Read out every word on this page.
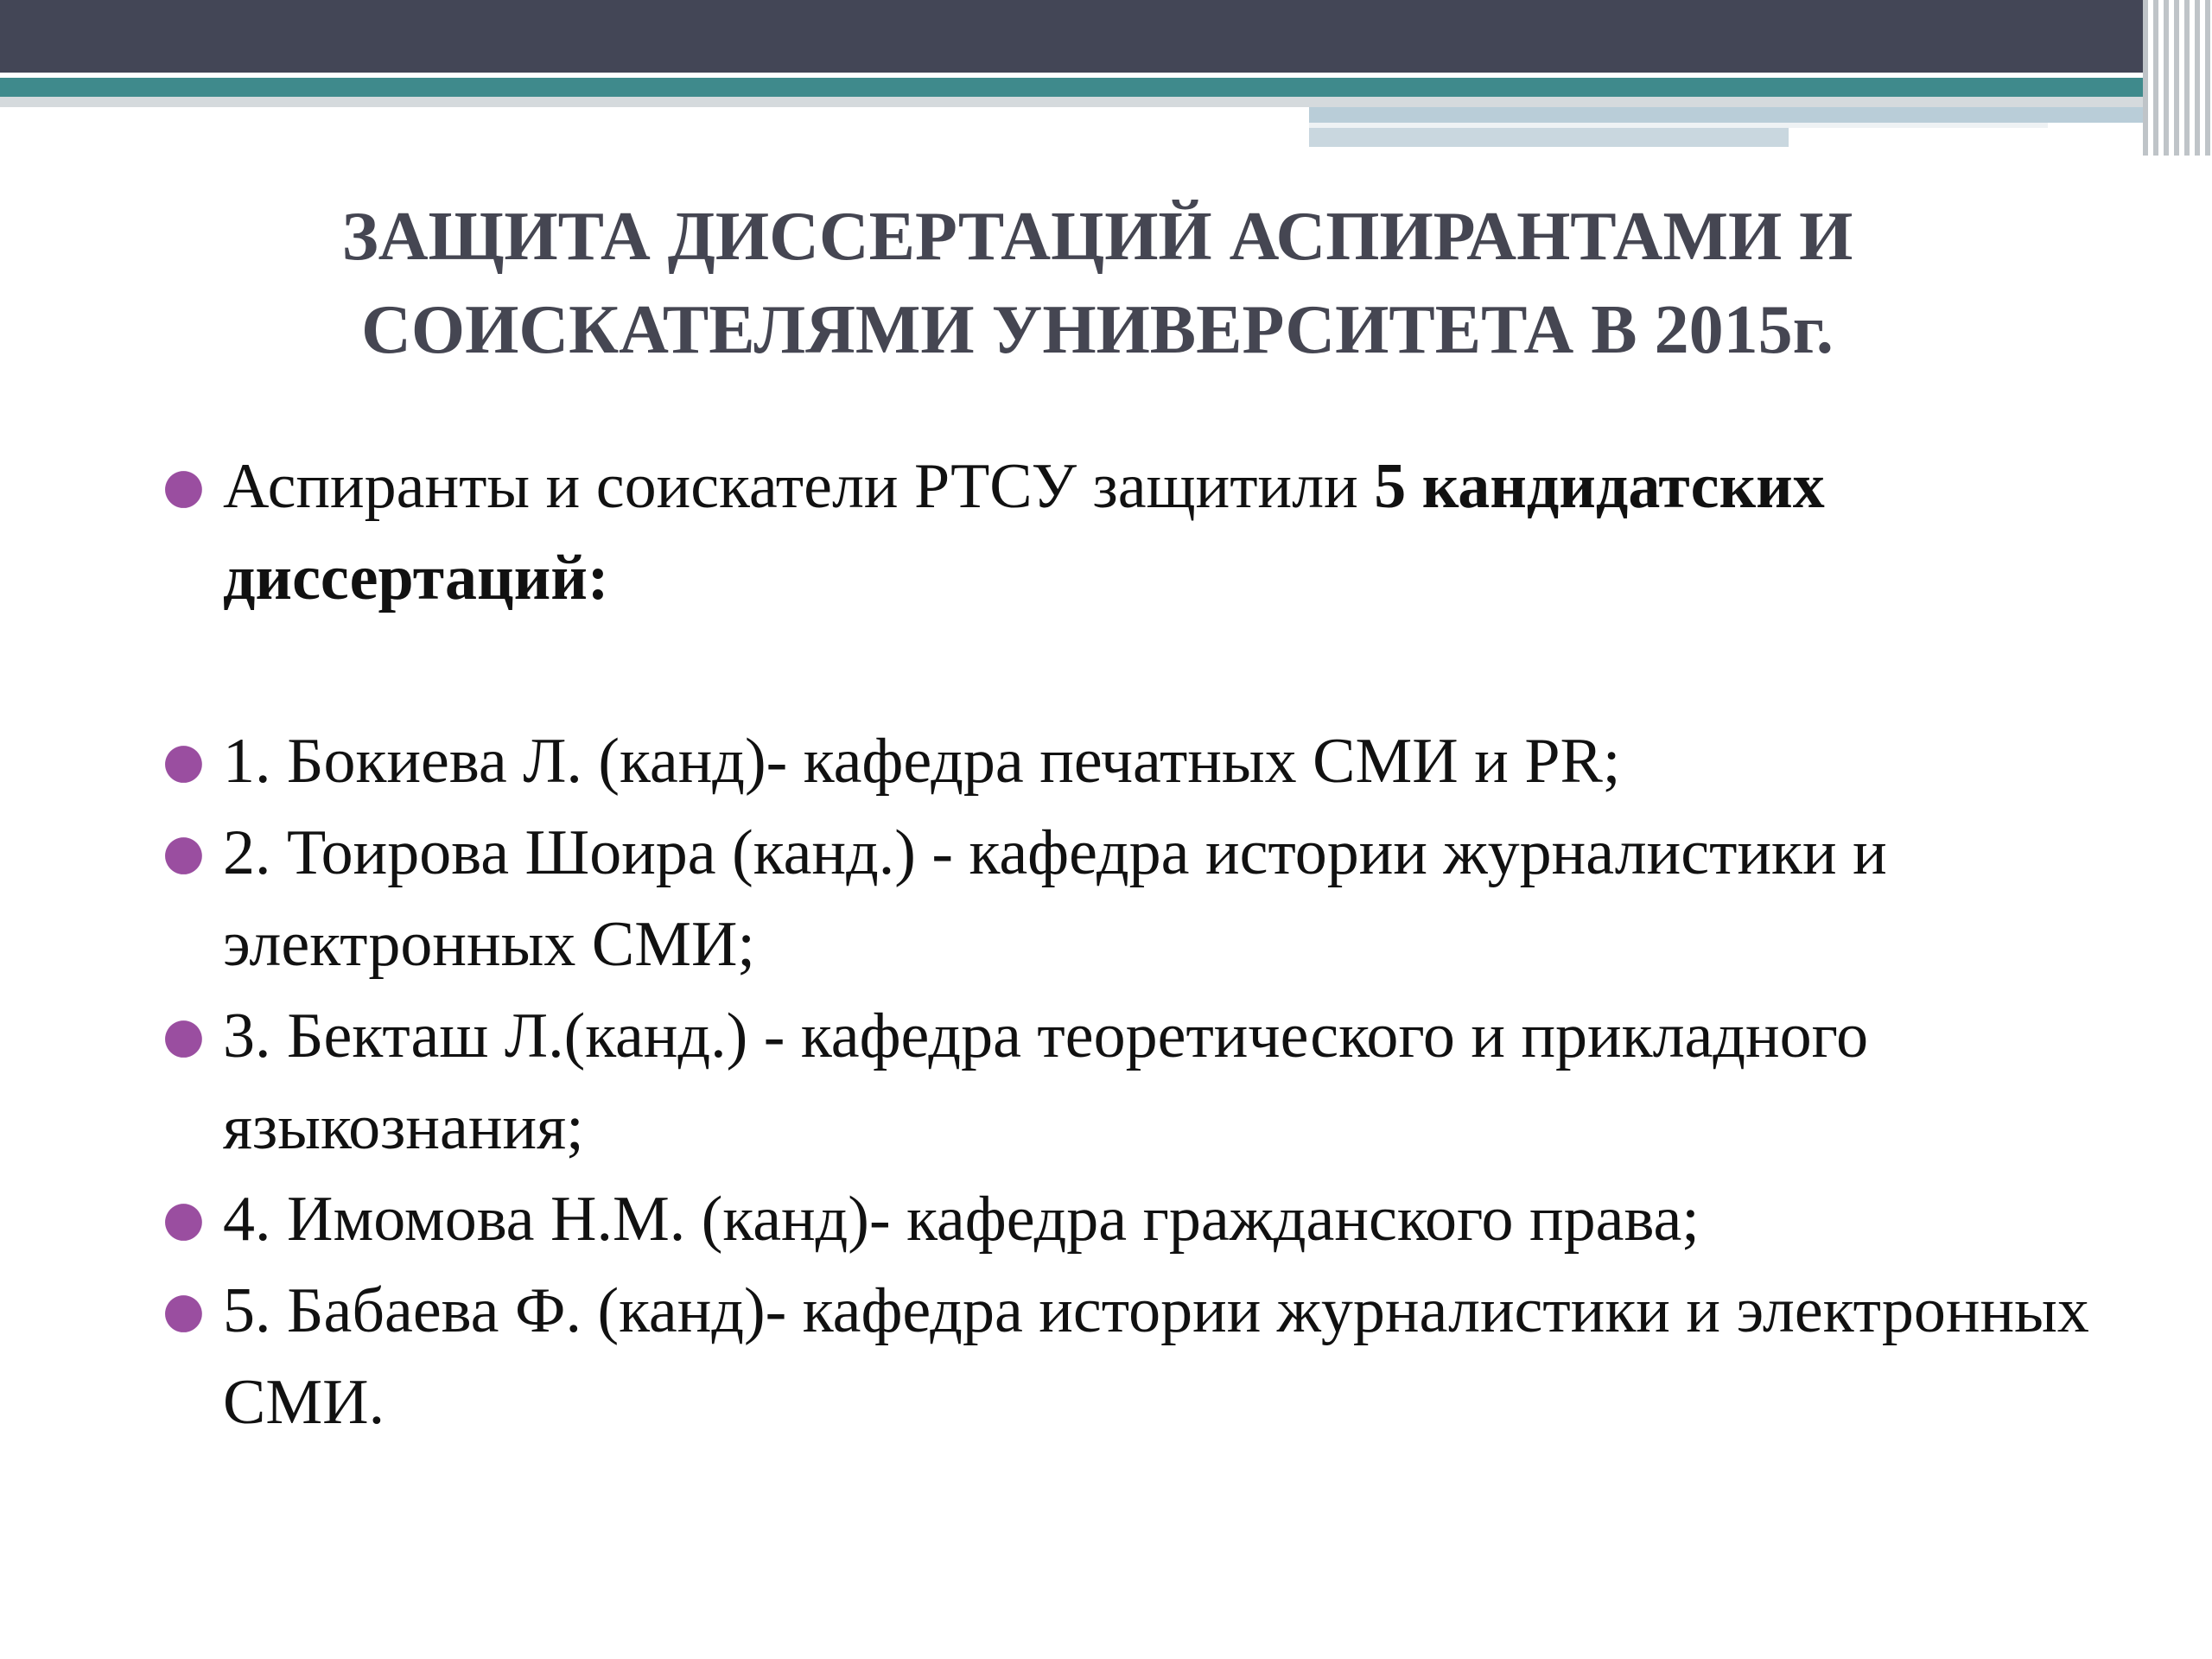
ЗАЩИТА ДИССЕРТАЦИЙ АСПИРАНТАМИ И
СОИСКАТЕЛЯМИ УНИВЕРСИТЕТА В 2015г.
● Аспиранты и соискатели РТСУ защитили 5 кандидатских диссертаций:
● 1. Бокиева Л. (канд)- кафедра печатных СМИ и PR;
● 2. Тоирова Шоира (канд.) - кафедра истории журналистики и электронных СМИ;
● 3. Бекташ Л.(канд.) - кафедра теоретического и прикладного языкознания;
● 4. Имомова Н.М. (канд)- кафедра гражданского права;
● 5. Бабаева Ф. (канд)- кафедра истории журналистики и электронных СМИ.
